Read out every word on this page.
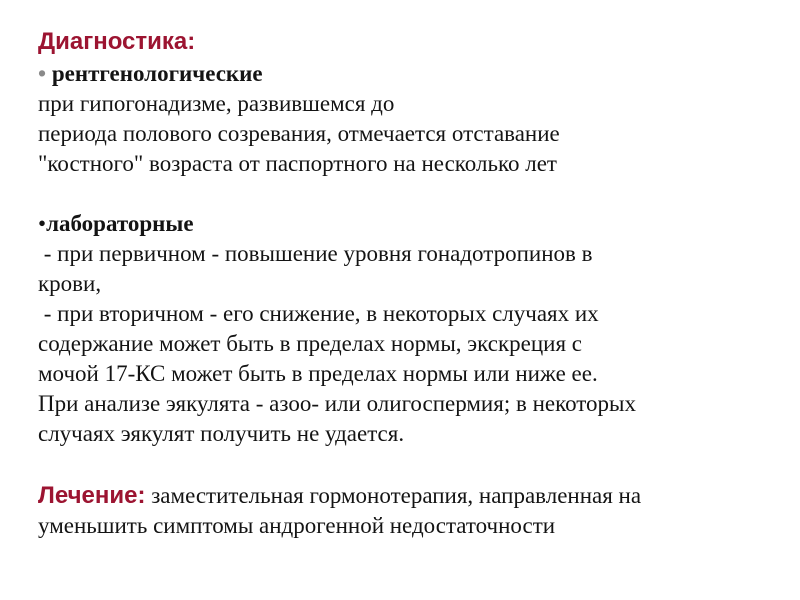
Диагностика:
• рентгенологические
при гипогонадизме, развившемся до
периода полового созревания, отмечается отставание
"костного" возраста от паспортного на несколько лет
•лабораторные
- при первичном - повышение уровня гонадотропинов в
крови,
- при вторичном - его снижение, в некоторых случаях их
содержание может быть в пределах нормы, экскреция с
мочой 17-КС может быть в пределах нормы или ниже ее.
При анализе эякулята - азоо- или олигоспермия; в некоторых
случаях эякулят получить не удается.
Лечение: заместительная гормонотерапия, направленная на
уменьшить симптомы андрогенной недостаточности
